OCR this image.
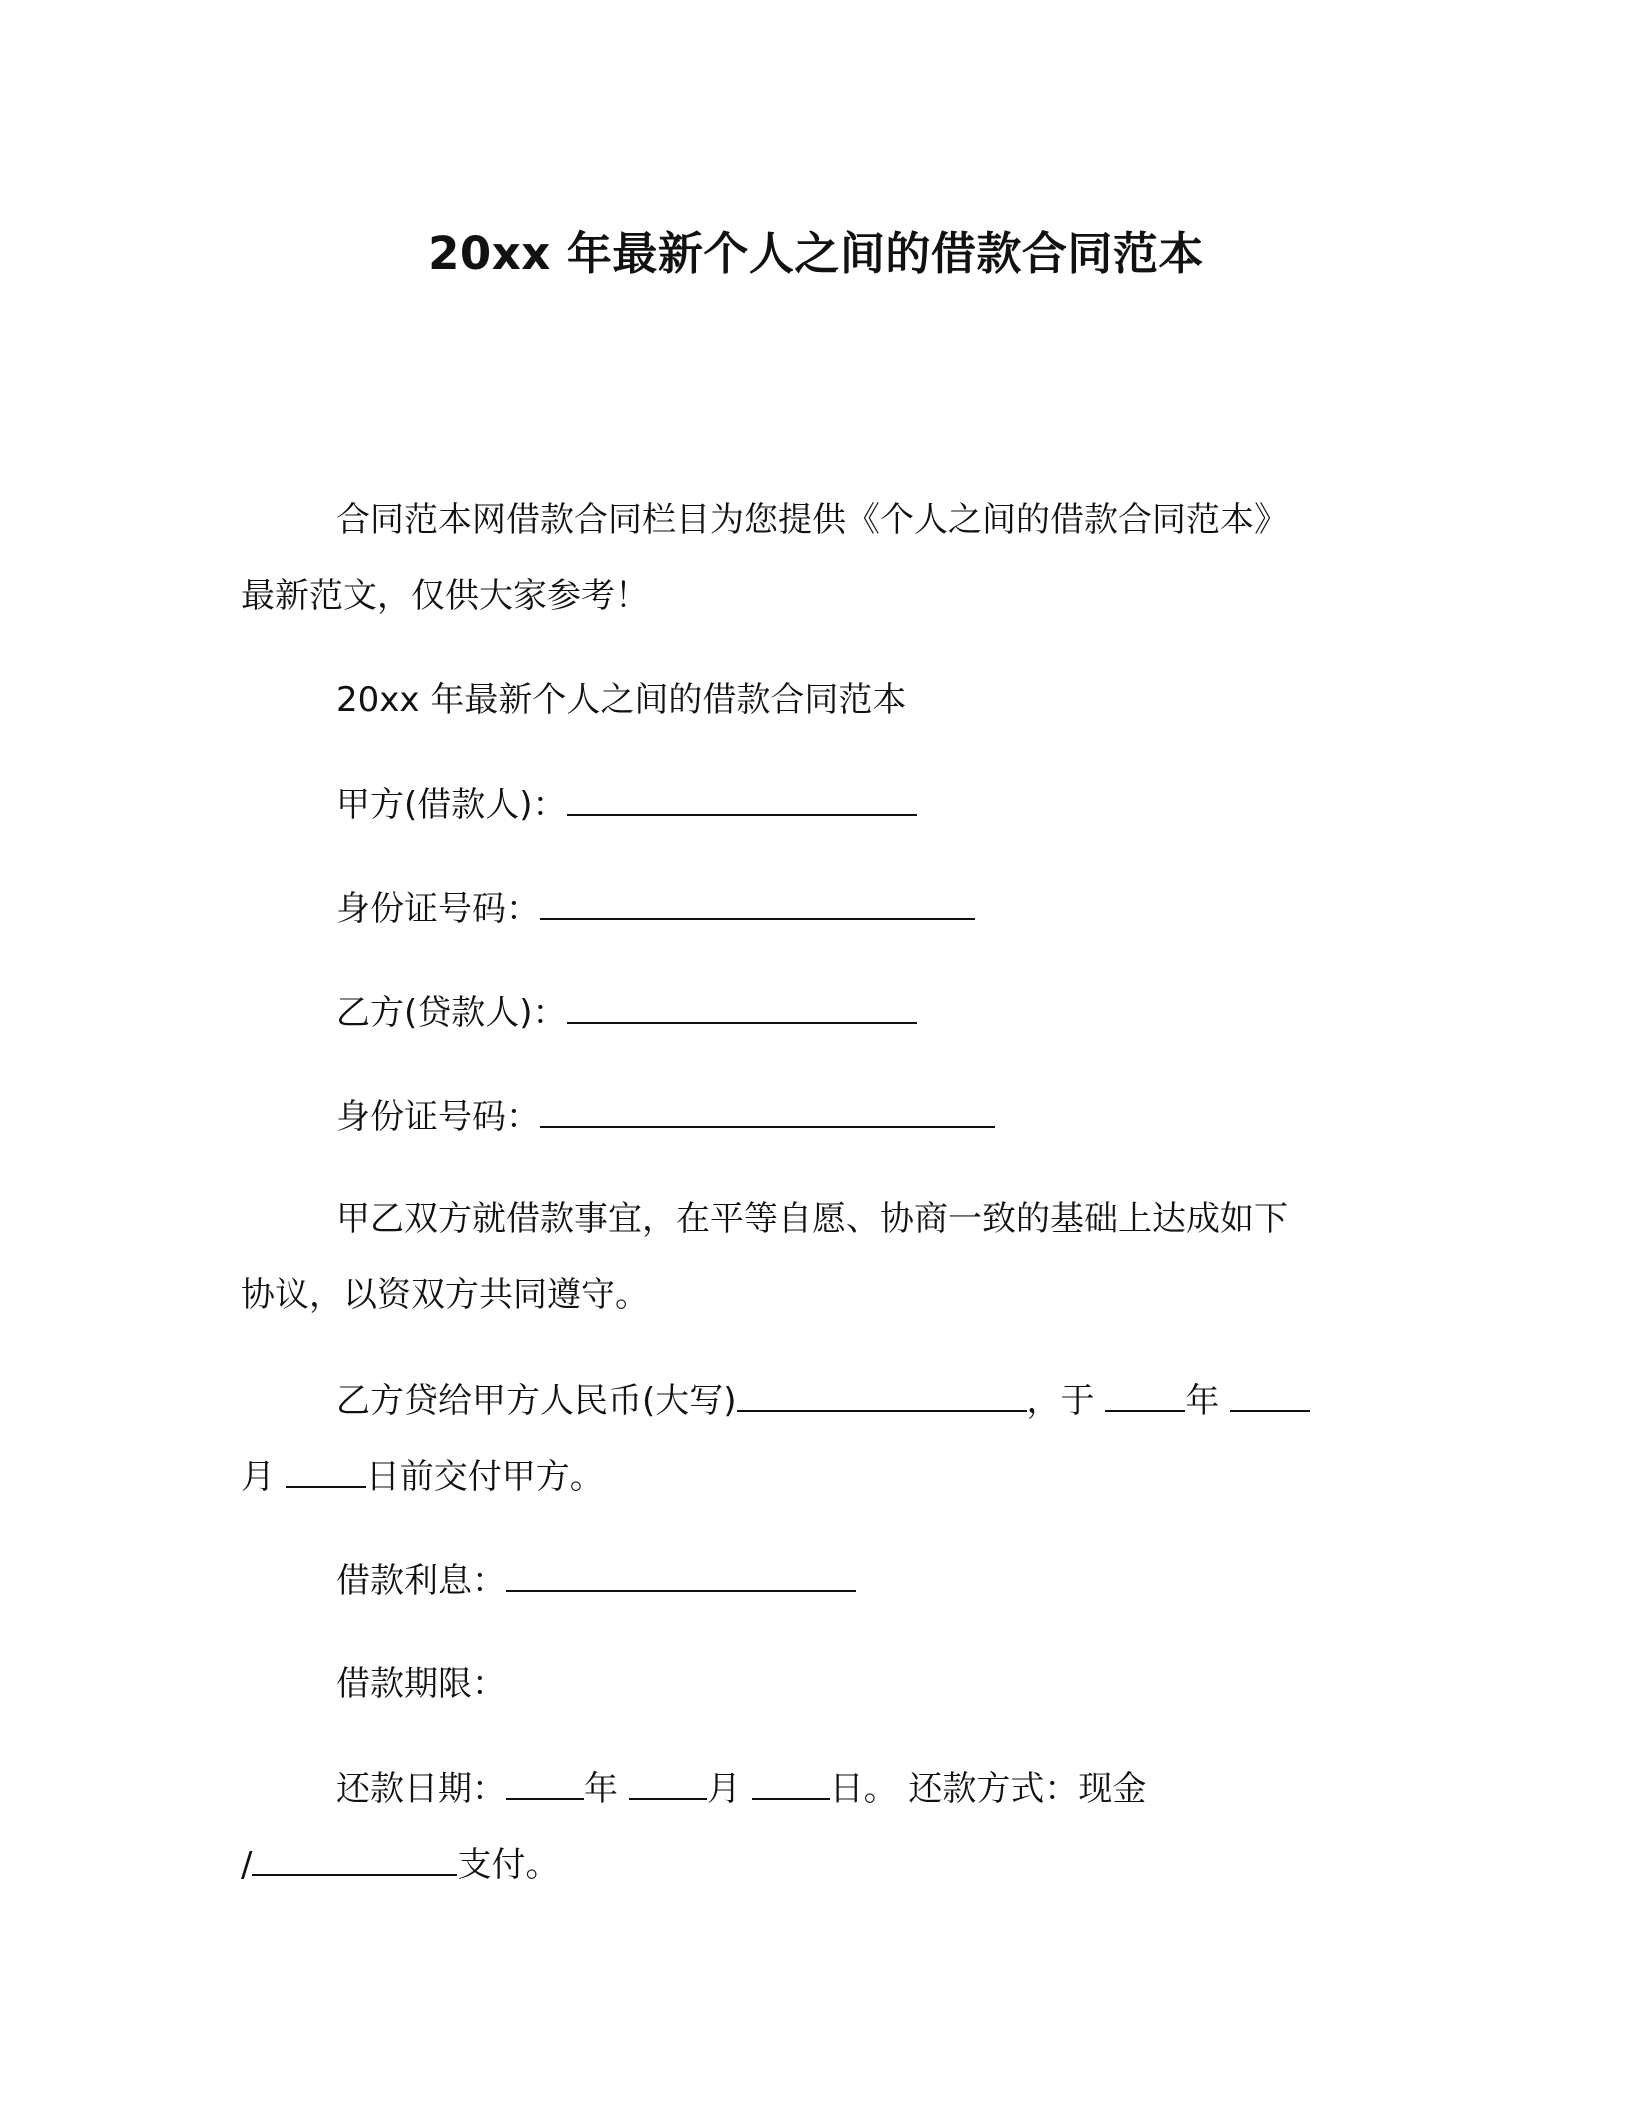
20xx 年最新个人之间的借款合同范本

合同范本网借款合同栏目为您提供《个人之间的借款合同范本》

最新范文，仅供大家参考！

20xx 年最新个人之间的借款合同范本

甲方(借款人)：

身份证号码：

乙方(贷款人)：

身份证号码：

甲乙双方就借款事宜，在平等自愿、协商一致的基础上达成如下

协议，以资双方共同遵守。

乙方贷给甲方人民币(大写)	，于 年

月 日前交付甲方。

借款利息：

借款期限：

还款日期： 年 月 日。 还款方式：现金

/	支付。
